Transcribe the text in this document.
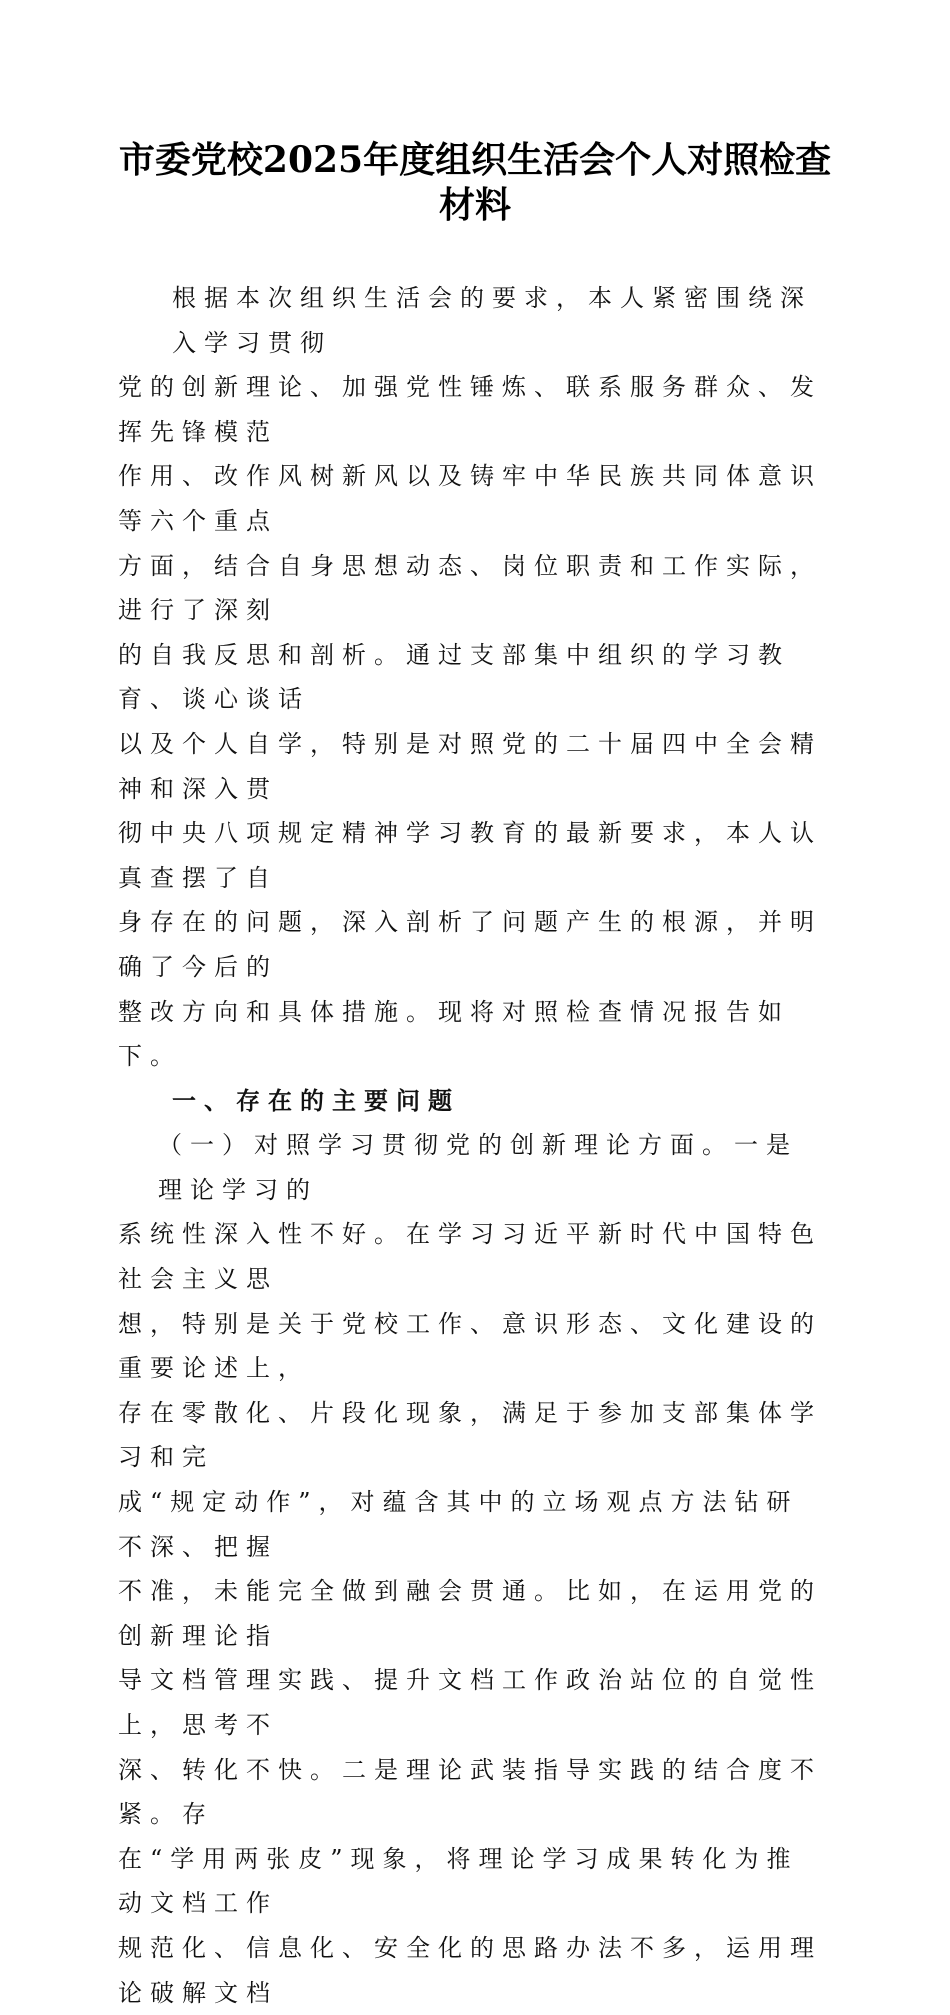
市委党校2025年度组织生活会个人对照检查
材料
根据本次组织生活会的要求，本人紧密围绕深入学习贯彻
党的创新理论、加强党性锤炼、联系服务群众、发挥先锋模范
作用、改作风树新风以及铸牢中华民族共同体意识等六个重点
方面，结合自身思想动态、岗位职责和工作实际，进行了深刻
的自我反思和剖析。通过支部集中组织的学习教育、谈心谈话
以及个人自学，特别是对照党的二十届四中全会精神和深入贯
彻中央八项规定精神学习教育的最新要求，本人认真查摆了自
身存在的问题，深入剖析了问题产生的根源，并明确了今后的
整改方向和具体措施。现将对照检查情况报告如下。
一、存在的主要问题
（一）对照学习贯彻党的创新理论方面。一是理论学习的
系统性深入性不好。在学习习近平新时代中国特色社会主义思
想，特别是关于党校工作、意识形态、文化建设的重要论述上，
存在零散化、片段化现象，满足于参加支部集体学习和完
成“规定动作”，对蕴含其中的立场观点方法钻研不深、把握
不准，未能完全做到融会贯通。比如，在运用党的创新理论指
导文档管理实践、提升文档工作政治站位的自觉性上，思考不
深、转化不快。二是理论武装指导实践的结合度不紧。存
在“学用两张皮”现象，将理论学习成果转化为推动文档工作
规范化、信息化、安全化的思路办法不多，运用理论破解文档
